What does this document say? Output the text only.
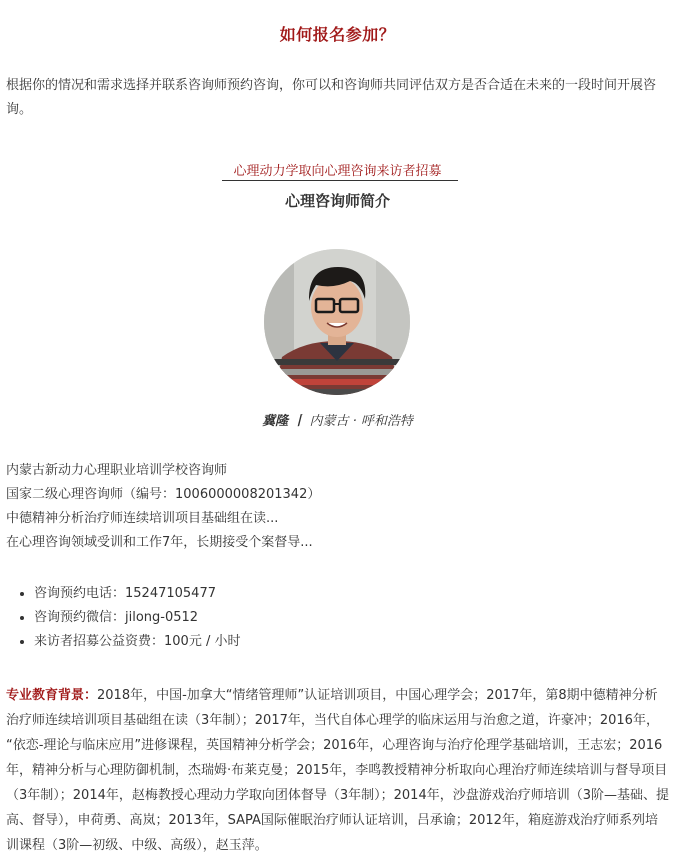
如何报名参加？
根据你的情况和需求选择并联系咨询师预约咨询，你可以和咨询师共同评估双方是否合适在未来的一段时间开展咨询。
心理动力学取向心理咨询来访者招募
心理咨询师简介
冀隆 丨 内蒙古 · 呼和浩特
内蒙古新动力心理职业培训学校咨询师
国家二级心理咨询师（编号：1006000008201342）
中德精神分析治疗师连续培训项目基础组在读...
在心理咨询领域受训和工作7年，长期接受个案督导...
• 咨询预约电话：15247105477
• 咨询预约微信：jilong-0512
• 来访者招募公益资费：100元 / 小时
专业教育背景：2018年，中国-加拿大“情绪管理师”认证培训项目，中国心理学会；2017年，第8期中德精神分析治疗师连续培训项目基础组在读（3年制）；2017年，当代自体心理学的临床运用与治愈之道，许豪冲；2016年， “依恋-理论与临床应用”进修课程，英国精神分析学会；2016年，心理咨询与治疗伦理学基础培训，王志宏；2016年，精神分析与心理防御机制，杰瑞姆·布莱克曼；2015年，李鸣教授精神分析取向心理治疗师连续培训与督导项目（3年制）；2014年，赵梅教授心理动力学取向团体督导（3年制）；2014年，沙盘游戏治疗师培训（3阶—基础、提高、督导），申荷勇、高岚；2013年，SAPA国际催眠治疗师认证培训，吕承谕；2012年，箱庭游戏治疗师系列培训课程（3阶—初级、中级、高级），赵玉萍。
